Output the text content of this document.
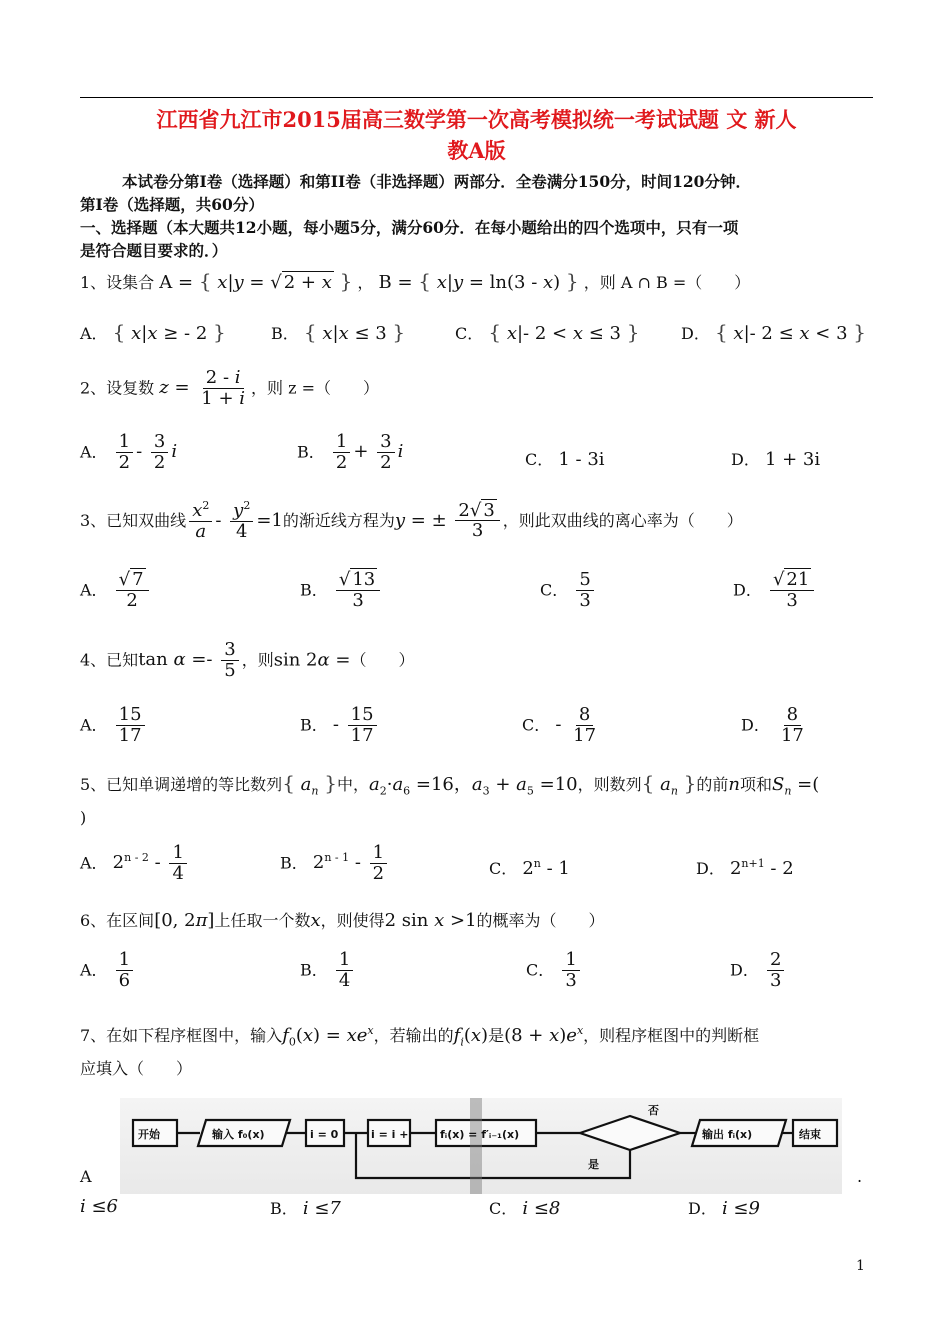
江西省九江市2015届高三数学第一次高考模拟统一考试试题 文 新人
教A版
本试卷分第I卷（选择题）和第II卷（非选择题）两部分．全卷满分150分，时间120分钟．
第I卷（选择题，共60分）
一、选择题（本大题共12小题，每小题5分，满分60分．在每小题给出的四个选项中，只有一项
是符合题目要求的．）
1、设集合 A = { x|y = √ 2 + x } ， B = { x|y = ln(3 - x) } ，则 A ∩ B =（　　）
A． { x|x ≥ - 2 }	B． { x|x ≤ 3 }	C． { x|- 2 < x ≤ 3 }	D． { x|- 2 ≤ x < 3 }
2、设复数 $z = \frac{2 - i}{1 + i}$ ，则 z =（　　）
A． $\frac{1}{2} - \frac{3}{2}$ i	B． $\frac{1}{2} + \frac{3}{2}$ i	C． 1 - 3i	D． 1 + 3i
3、已知双曲线 $\frac{x^2}{a} - \frac{y^2}{4} =1$的渐近线方程为y = ± $\frac{2√ 3}{3}$ ，则此双曲线的离心率为（　　）
A． $\frac{√ 7}{2}$	B． $\frac{√ 13}{3}$	C． $\frac{5}{3}$	D． $\frac{√ 21}{3}$
4、已知$\tan \alpha =- \frac{3}{5}$ ，则sin 2α =（　　）
A． $\frac{15}{17}$	B． - $\frac{15}{17}$	C． - $\frac{8}{17}$	D． $\frac{8}{17}$
5、已知单调递增的等比数列{ $a_n$ }中，$a_2\cdot a_6 =16$，$a_3 + a_5 =10$，则数列{ $a_n$ }的前n项和$S_n$ =(
)
A． $2^{n - 2} - \frac{1}{4}$	B． $2^{n - 1} - \frac{1}{2}$	C． 2$^n$ - 1	D． $2^{n+1} - 2$
6、在区间[0, 2π]上任取一个数x，则使得2 sin x >1的概率为（　　）
A． $\frac{1}{6}$	B． $\frac{1}{4}$	C． $\frac{1}{3}$	D． $\frac{2}{3}$
7、在如下程序框图中，输入$f_0(x) = xe^x$，若输出的$f_i(x)$是$(8 + x)e^x$，则程序框图中的判断框
应填入（　　）
开始	输入 f₀(x)	i = 0	i = i +	fᵢ(x) = f′ᵢ₋₁(x)
否
是
输出 fᵢ(x)	结束
A	.
i ≤6	B． i ≤7	C． i ≤8	D． i ≤9
1
